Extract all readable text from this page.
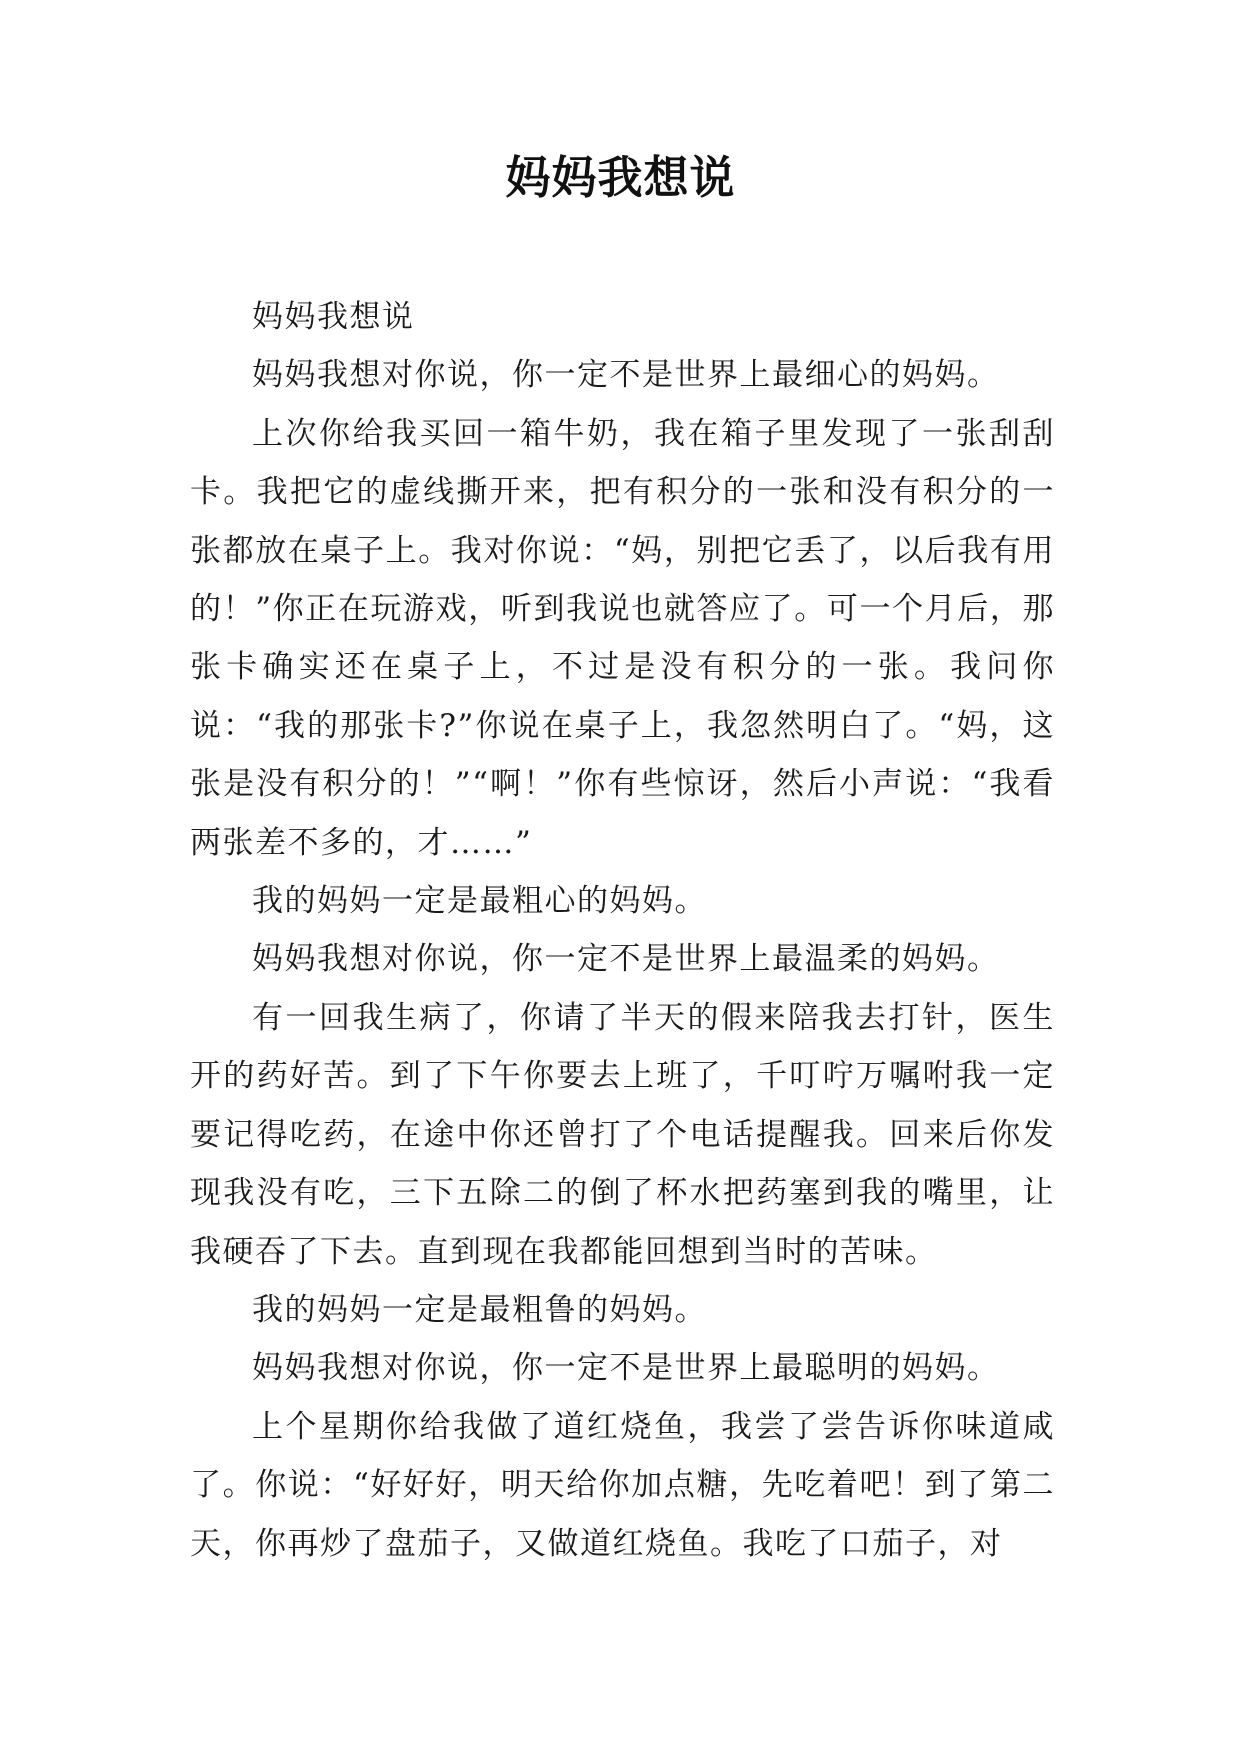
妈妈我想说

妈妈我想说

妈妈我想对你说，你一定不是世界上最细心的妈妈。

上次你给我买回一箱牛奶，我在箱子里发现了一张刮刮卡。我把它的虚线撕开来，把有积分的一张和没有积分的一张都放在桌子上。我对你说：“妈，别把它丢了，以后我有用的！”你正在玩游戏，听到我说也就答应了。可一个月后，那张卡确实还在桌子上，不过是没有积分的一张。我问你说：“我的那张卡?”你说在桌子上，我忽然明白了。“妈，这张是没有积分的！”“啊！”你有些惊讶，然后小声说：“我看两张差不多的，才……”

我的妈妈一定是最粗心的妈妈。

妈妈我想对你说，你一定不是世界上最温柔的妈妈。

有一回我生病了，你请了半天的假来陪我去打针，医生开的药好苦。到了下午你要去上班了，千叮咛万嘱咐我一定要记得吃药，在途中你还曾打了个电话提醒我。回来后你发现我没有吃，三下五除二的倒了杯水把药塞到我的嘴里，让我硬吞了下去。直到现在我都能回想到当时的苦味。

我的妈妈一定是最粗鲁的妈妈。

妈妈我想对你说，你一定不是世界上最聪明的妈妈。

上个星期你给我做了道红烧鱼，我尝了尝告诉你味道咸了。你说：“好好好，明天给你加点糖，先吃着吧！到了第二天，你再炒了盘茄子，又做道红烧鱼。我吃了口茄子，对
